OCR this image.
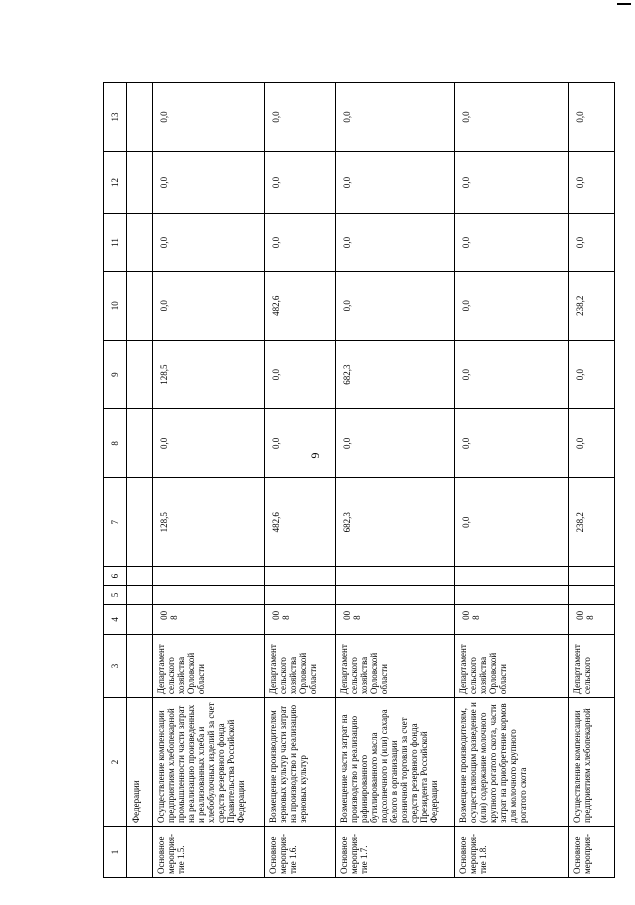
6
1	2	3	4	5	6	7	8	9	10	11	12	13
	Федерации											
Основное мероприя-тие 1.5.	Осуществление компенсации предприятиям хлебопекарной промышленности части затрат на реализацию произведенных и реализованных хлеба и хлебобулочных изделий за счет средств резервного фонда Правительства Российской Федерации	Департамент сельского хозяйства Орловской области	008			128,5	0,0	128,5	0,0	0,0	0,0	0,0
Основное мероприя-тие 1.6.	Возмещение производителям зерновых культур части затрат на производство и реализацию зерновых культур	Департамент сельского хозяйства Орловской области	008			482,6	0,0	0,0	482,6	0,0	0,0	0,0
Основное мероприя-тие 1.7.	Возмещение части затрат на производство и реализацию рафинированного бутилированного масла подсолнечного и (или) сахара белого в организации розничной торговли за счет средств резервного фонда Президента Российской Федерации	Департамент сельского хозяйства Орловской области	008			682,3	0,0	682,3	0,0	0,0	0,0	0,0
Основное мероприя-тие 1.8.	Возмещение производителям, осуществляющим разведение и (или) содержание молочного крупного рогатого скота, части затрат на приобретение кормов для молочного крупного рогатого скота	Департамент сельского хозяйства Орловской области	008			0,0	0,0	0,0	0,0	0,0	0,0	0,0
Основное мероприя-	Осуществление компенсации предприятиям хлебопекарной	Департамент сельского	008			238,2	0,0	0,0	238,2	0,0	0,0	0,0
